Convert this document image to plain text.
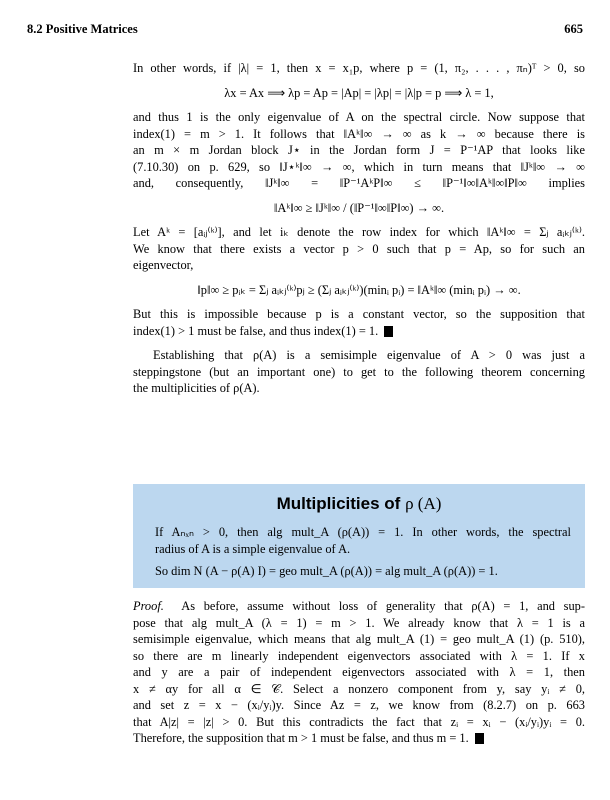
8.2 Positive Matrices	665

In other words, if |λ| = 1, then x = x₁p, where p = (1, π₂, . . . , πₙ)ᵀ > 0, so

λx = Ax ⟹ λp = Ap = |Ap| = |λp| = |λ|p = p ⟹ λ = 1,

and thus 1 is the only eigenvalue of A on the spectral circle. Now suppose that

index(1) = m > 1. It follows that ‖Aᵏ‖∞ → ∞ as k → ∞ because there is

an m × m Jordan block J⋆ in the Jordan form J = P⁻¹AP that looks like

(7.10.30) on p. 629, so ‖J⋆ᵏ‖∞ → ∞, which in turn means that ‖Jᵏ‖∞ → ∞

and, consequently, ‖Jᵏ‖∞ = ‖P⁻¹AᵏP‖∞ ≤ ‖P⁻¹‖∞‖Aᵏ‖∞‖P‖∞ implies

‖Aᵏ‖∞ ≥ ‖Jᵏ‖∞ / (‖P⁻¹‖∞‖P‖∞) → ∞.

Let Aᵏ = [aᵢⱼ⁽ᵏ⁾], and let iₖ denote the row index for which ‖Aᵏ‖∞ = Σⱼ aᵢₖⱼ⁽ᵏ⁾.

We know that there exists a vector p > 0 such that p = Ap, so for such an

eigenvector,

‖p‖∞ ≥ pᵢₖ = Σⱼ aᵢₖⱼ⁽ᵏ⁾pⱼ ≥ (Σⱼ aᵢₖⱼ⁽ᵏ⁾)(minᵢ pᵢ) = ‖Aᵏ‖∞ (minᵢ pᵢ) → ∞.

But this is impossible because p is a constant vector, so the supposition that

index(1) > 1 must be false, and thus index(1) = 1.

Establishing that ρ(A) is a semisimple eigenvalue of A > 0 was just a

steppingstone (but an important one) to get to the following theorem concerning

the multiplicities of ρ(A).

Multiplicities of ρ (A)

If Aₙₓₙ > 0, then alg mult_A (ρ(A)) = 1. In other words, the spectral

radius of A is a simple eigenvalue of A.

So dim N (A − ρ(A) I) = geo mult_A (ρ(A)) = alg mult_A (ρ(A)) = 1.

Proof. As before, assume without loss of generality that ρ(A) = 1, and sup-

pose that alg mult_A (λ = 1) = m > 1. We already know that λ = 1 is a

semisimple eigenvalue, which means that alg mult_A (1) = geo mult_A (1) (p. 510),

so there are m linearly independent eigenvectors associated with λ = 1. If x

and y are a pair of independent eigenvectors associated with λ = 1, then

x ≠ αy for all α ∈ 𝒞. Select a nonzero component from y, say yᵢ ≠ 0,

and set z = x − (xᵢ/yᵢ)y. Since Az = z, we know from (8.2.7) on p. 663

that A|z| = |z| > 0. But this contradicts the fact that zᵢ = xᵢ − (xᵢ/yᵢ)yᵢ = 0.

Therefore, the supposition that m > 1 must be false, and thus m = 1.
